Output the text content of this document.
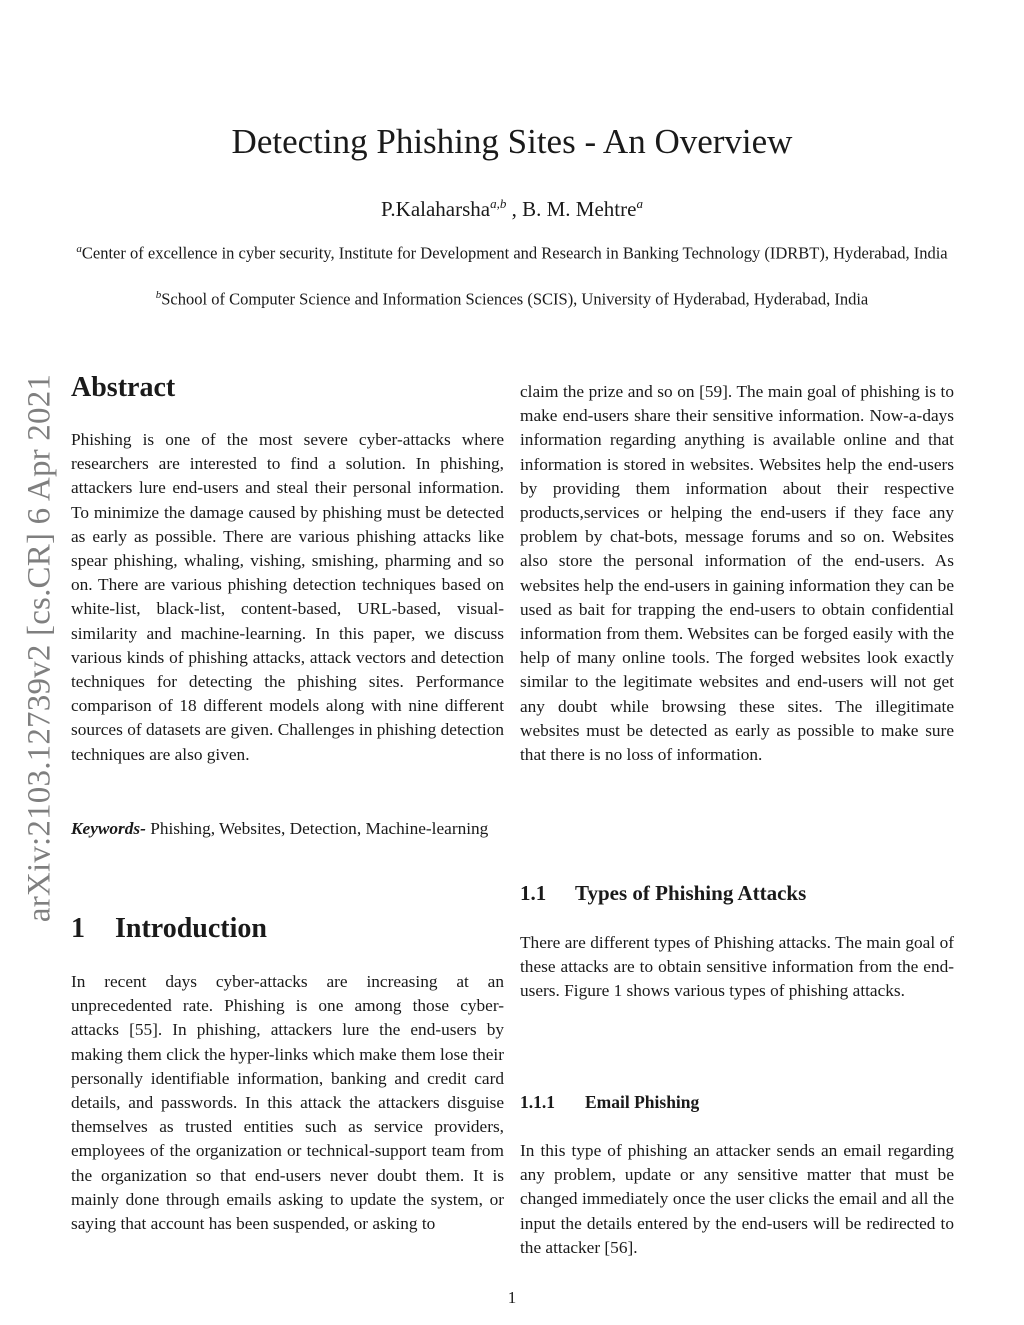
Detecting Phishing Sites - An Overview
P.Kalaharsha$^{a,b}$ , B. M. Mehtre$^a$
$^a$Center of excellence in cyber security, Institute for Development and Research in Banking Technology (IDRBT), Hyderabad, India
$^b$School of Computer Science and Information Sciences (SCIS), University of Hyderabad, Hyderabad, India
arXiv:2103.12739v2 [cs.CR] 6 Apr 2021 Abstract
Phishing is one of the most severe cyber-attacks where researchers are interested to find a solution. In phishing, attackers lure end-users and steal their personal information. To minimize the damage caused by phishing must be detected as early as possible. There are various phishing attacks like spear phishing, whaling, vishing, smishing, pharming and so on. There are various phishing detection techniques based on white-list, black-list, content-based, URL-based, visual-similarity and machine-learning. In this paper, we discuss various kinds of phishing attacks, attack vectors and detection techniques for detecting the phishing sites. Performance comparison of 18 different models along with nine different sources of datasets are given. Challenges in phishing detection techniques are also given.
Keywords- Phishing, Websites, Detection, Machine-learning
1 Introduction
In recent days cyber-attacks are increasing at an unprecedented rate. Phishing is one among those cyber-attacks [55]. In phishing, attackers lure the end-users by making them click the hyper-links which make them lose their personally identifiable information, banking and credit card details, and passwords. In this attack the attackers disguise themselves as trusted entities such as service providers, employees of the organization or technical-support team from the organization so that end-users never doubt them. It is mainly done through emails asking to update the system, or saying that account has been suspended, or asking to
claim the prize and so on [59]. The main goal of phishing is to make end-users share their sensitive information. Now-a-days information regarding anything is available online and that information is stored in websites. Websites help the end-users by providing them information about their respective products,services or helping the end-users if they face any problem by chat-bots, message forums and so on. Websites also store the personal information of the end-users. As websites help the end-users in gaining information they can be used as bait for trapping the end-users to obtain confidential information from them. Websites can be forged easily with the help of many online tools. The forged websites look exactly similar to the legitimate websites and end-users will not get any doubt while browsing these sites. The illegitimate websites must be detected as early as possible to make sure that there is no loss of information.
1.1 Types of Phishing Attacks
There are different types of Phishing attacks. The main goal of these attacks are to obtain sensitive information from the end-users. Figure 1 shows various types of phishing attacks.
1.1.1 Email Phishing
In this type of phishing an attacker sends an email regarding any problem, update or any sensitive matter that must be changed immediately once the user clicks the email and all the input the details entered by the end-users will be redirected to the attacker [56].
1
